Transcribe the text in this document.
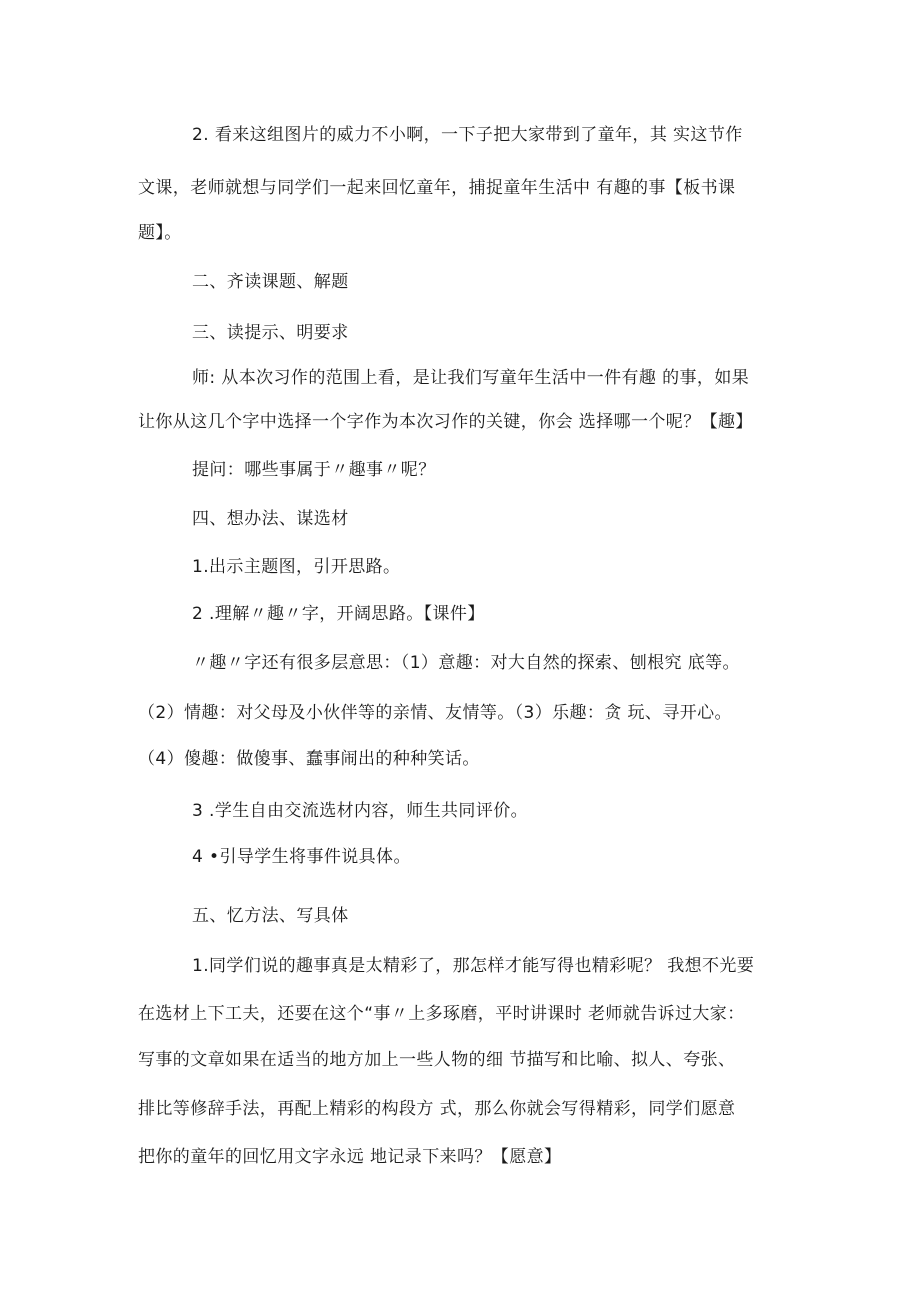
2. 看来这组图片的威力不小啊，一下子把大家带到了童年，其 实这节作
文课，老师就想与同学们一起来回忆童年，捕捉童年生活中 有趣的事【板书课
题】。
二、齐读课题、解题
三、读提示、明要求
师: 从本次习作的范围上看，是让我们写童年生活中一件有趣 的事，如果
让你从这几个字中选择一个字作为本次习作的关键，你会 选择哪一个呢？【趣】
提问：哪些事属于〃趣事〃呢？
四、想办法、谋选材
1.出示主题图，引开思路。
2 .理解〃趣〃字，开阔思路。【课件】
〃趣〃字还有很多层意思：（1）意趣：对大自然的探索、刨根究 底等。
（2）情趣：对父母及小伙伴等的亲情、友情等。（3）乐趣：贪 玩、寻开心。
（4）傻趣：做傻事、蠢事闹出的种种笑话。
3 .学生自由交流选材内容，师生共同评价。
4 •引导学生将事件说具体。
五、忆方法、写具体
1.同学们说的趣事真是太精彩了，那怎样才能写得也精彩呢？ 我想不光要
在选材上下工夫，还要在这个“事〃上多琢磨，平时讲课时 老师就告诉过大家：
写事的文章如果在适当的地方加上一些人物的细 节描写和比喻、拟人、夸张、
排比等修辞手法，再配上精彩的构段方 式，那么你就会写得精彩，同学们愿意
把你的童年的回忆用文字永远 地记录下来吗？【愿意】
